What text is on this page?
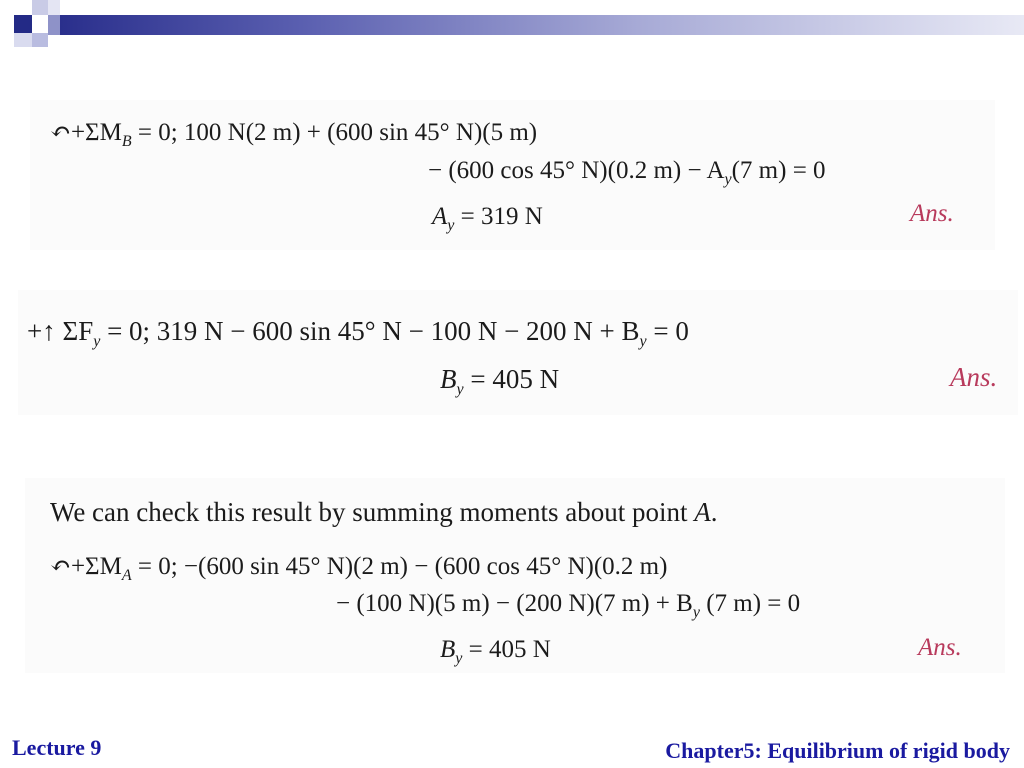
$↶+\Sigma M_B = 0$; 100 N(2 m) + (600 sin 45° N)(5 m)
− (600 cos 45° N)(0.2 $m) - A_y(7$ m) = 0
$A_y = 319$ N	Ans.
+↑ $\Sigma F_y = 0$; 319 N − 600 sin 45° N − 100 N − 200 $N + B_y = 0$
$B_y = 405$ N	Ans.
We can check this result by summing moments about point A.
$↶+\Sigma M_A = 0$; −(600 sin 45° N)(2 m) − (600 cos 45° N)(0.2 m)
− (100 N)(5 m) − (200 N)(7 $m) + B_y$ (7 m) = 0
$B_y = 405$ N	Ans.
Lecture 9	Chapter5: Equilibrium of rigid body
